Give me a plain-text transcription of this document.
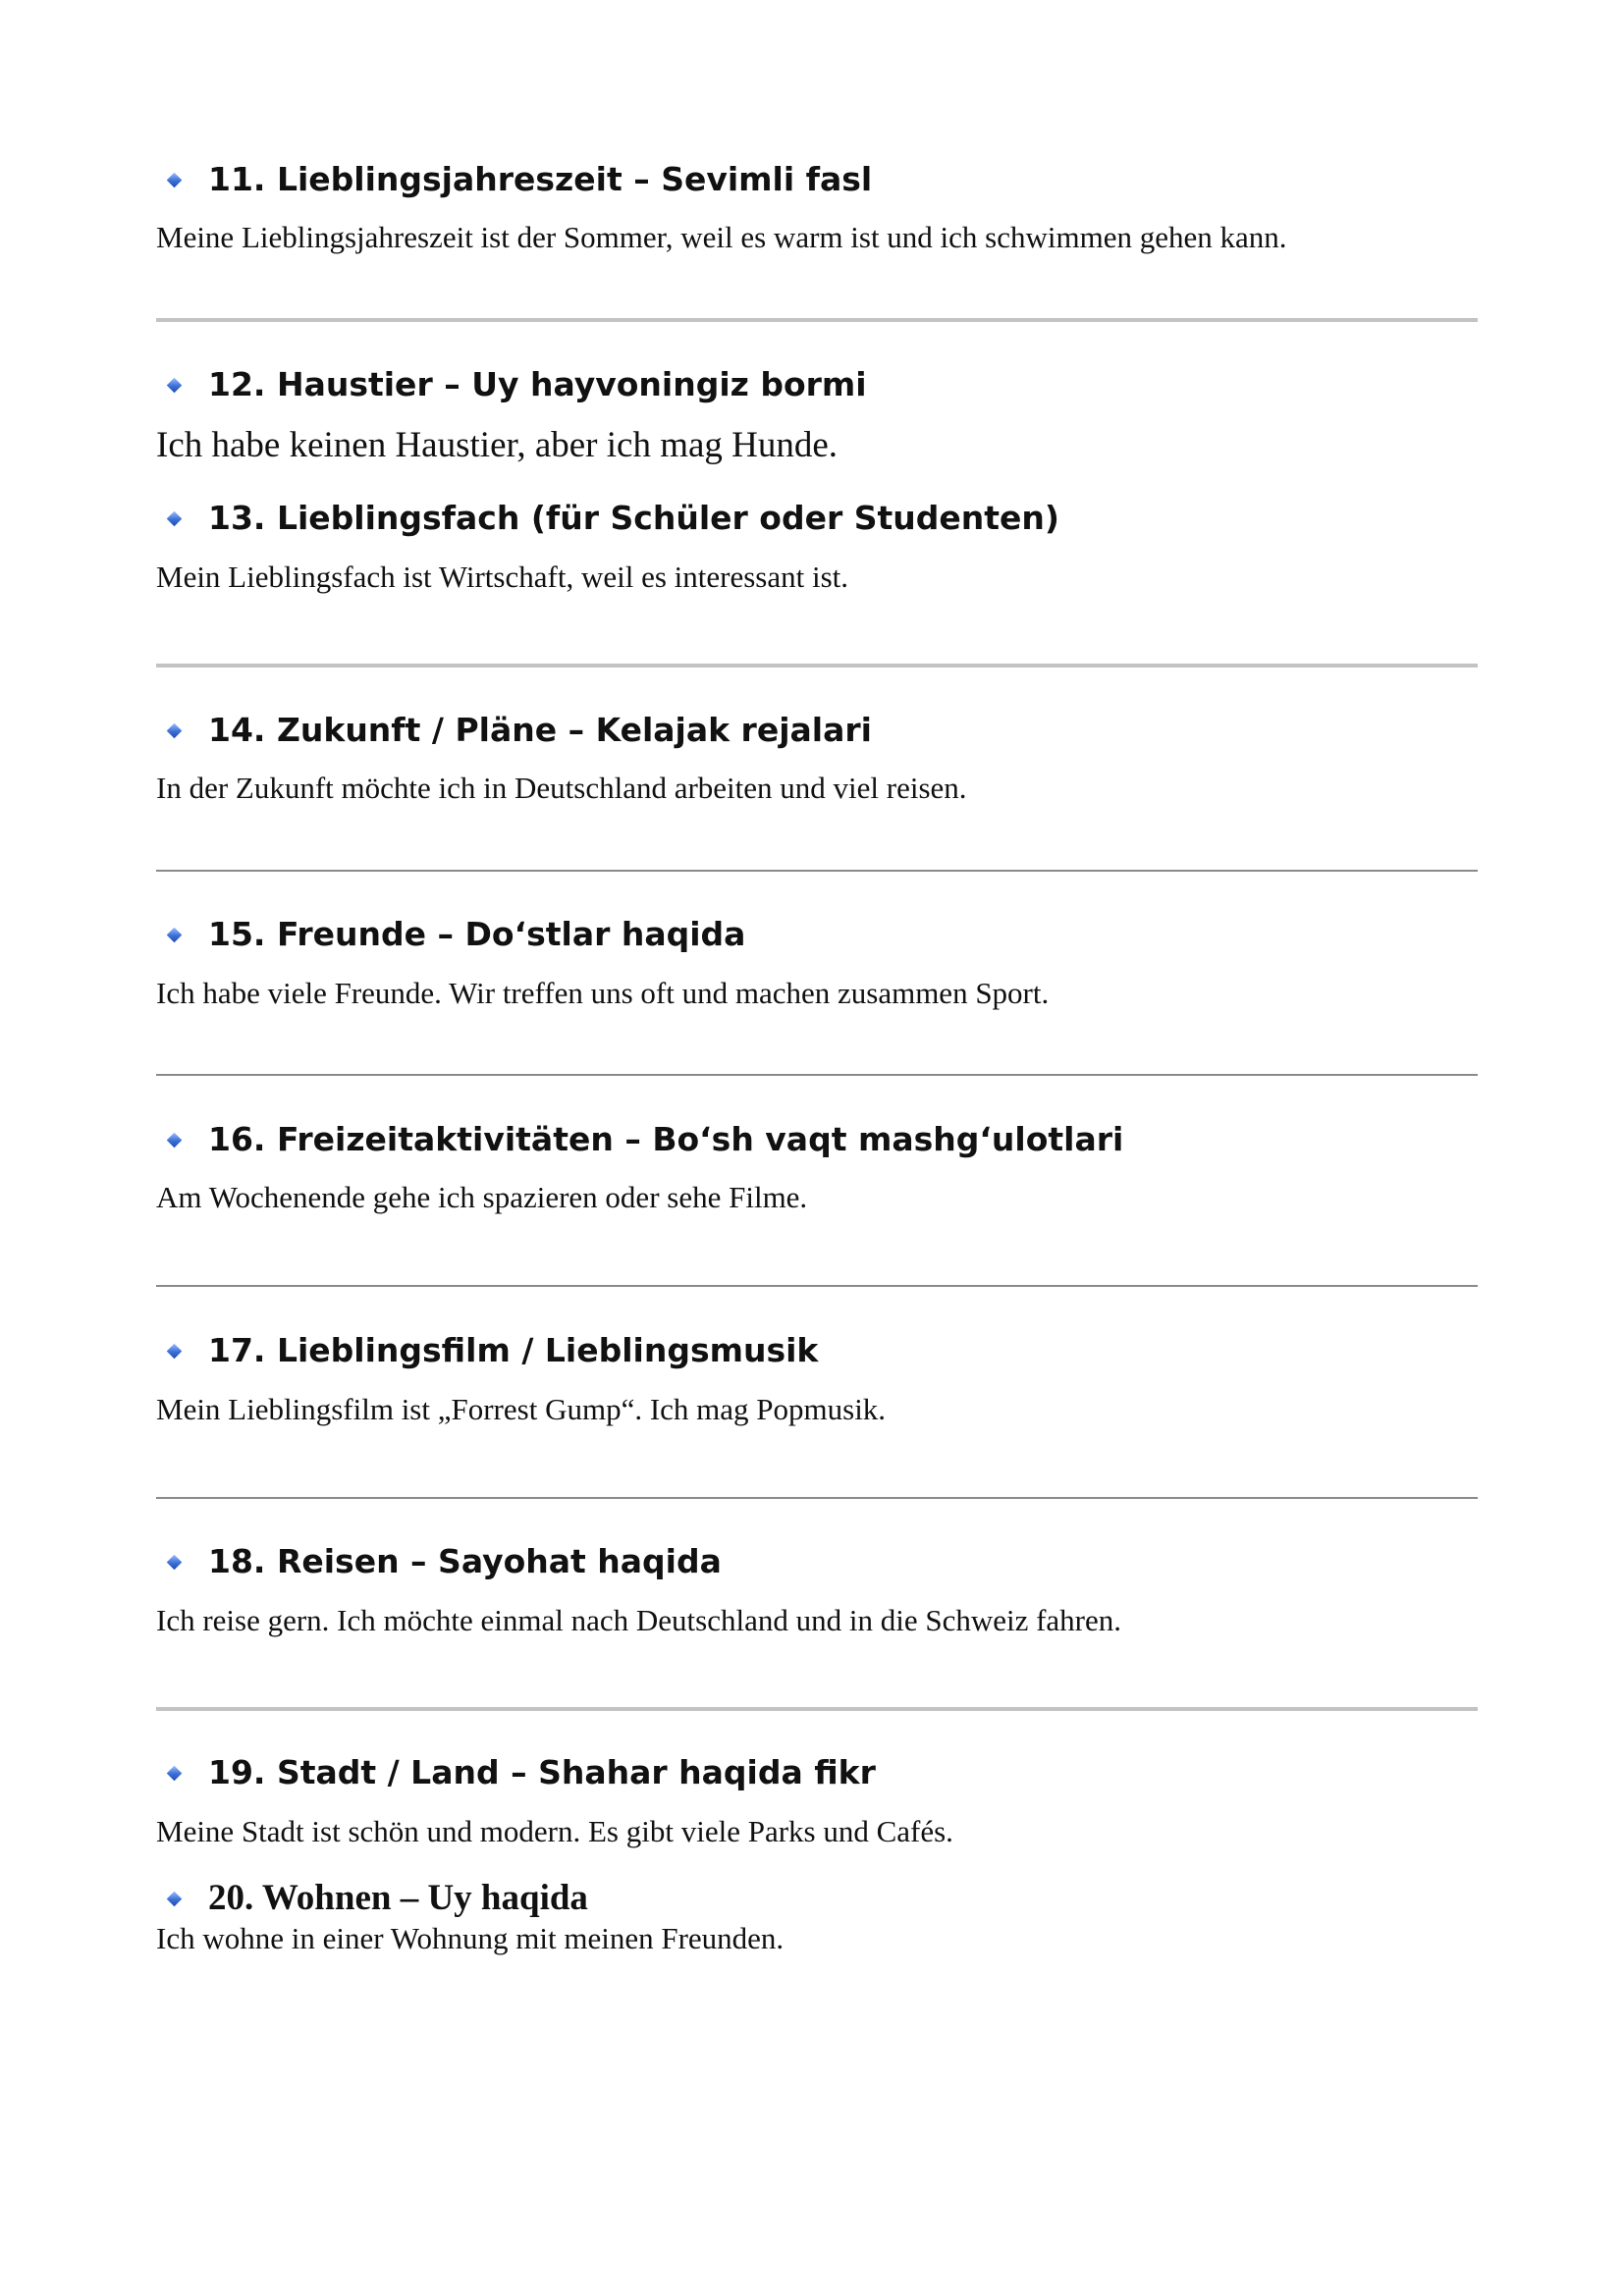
11. Lieblingsjahreszeit – Sevimli fasl
Meine Lieblingsjahreszeit ist der Sommer, weil es warm ist und ich schwimmen gehen kann.
12. Haustier – Uy hayvoningiz bormi
Ich habe keinen Haustier, aber ich mag Hunde.
13. Lieblingsfach (für Schüler oder Studenten)
Mein Lieblingsfach ist Wirtschaft, weil es interessant ist.
14. Zukunft / Pläne – Kelajak rejalari
In der Zukunft möchte ich in Deutschland arbeiten und viel reisen.
15. Freunde – Doʻstlar haqida
Ich habe viele Freunde. Wir treffen uns oft und machen zusammen Sport.
16. Freizeitaktivitäten – Boʻsh vaqt mashgʻulotlari
Am Wochenende gehe ich spazieren oder sehe Filme.
17. Lieblingsfilm / Lieblingsmusik
Mein Lieblingsfilm ist „Forrest Gump“. Ich mag Popmusik.
18. Reisen – Sayohat haqida
Ich reise gern. Ich möchte einmal nach Deutschland und in die Schweiz fahren.
19. Stadt / Land – Shahar haqida fikr
Meine Stadt ist schön und modern. Es gibt viele Parks und Cafés.
20. Wohnen – Uy haqida
Ich wohne in einer Wohnung mit meinen Freunden.
